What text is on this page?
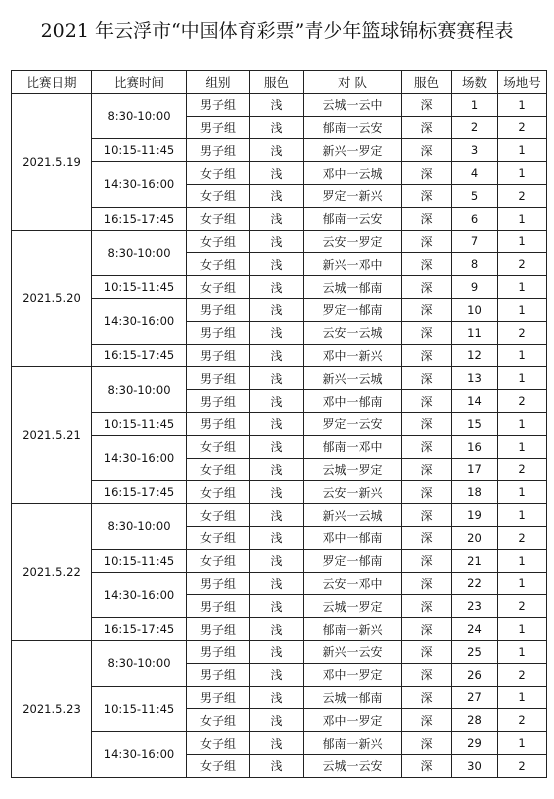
2021 年云浮市“中国体育彩票”青少年篮球锦标赛赛程表
比赛日期	比赛时间	组别	服色	对 队	服色	场数	场地号
2021.5.19	8:30-10:00	男子组	浅	云城一云中	深	1	1
		男子组	浅	郁南一云安	深	2	2
	10:15-11:45	男子组	浅	新兴一罗定	深	3	1
	14:30-16:00	女子组	浅	邓中一云城	深	4	1
		女子组	浅	罗定一新兴	深	5	2
	16:15-17:45	女子组	浅	郁南一云安	深	6	1
2021.5.20	8:30-10:00	女子组	浅	云安一罗定	深	7	1
		女子组	浅	新兴一邓中	深	8	2
	10:15-11:45	女子组	浅	云城一郁南	深	9	1
	14:30-16:00	男子组	浅	罗定一郁南	深	10	1
		男子组	浅	云安一云城	深	11	2
	16:15-17:45	男子组	浅	邓中一新兴	深	12	1
2021.5.21	8:30-10:00	男子组	浅	新兴一云城	深	13	1
		男子组	浅	邓中一郁南	深	14	2
	10:15-11:45	男子组	浅	罗定一云安	深	15	1
	14:30-16:00	女子组	浅	郁南一邓中	深	16	1
		女子组	浅	云城一罗定	深	17	2
	16:15-17:45	女子组	浅	云安一新兴	深	18	1
2021.5.22	8:30-10:00	女子组	浅	新兴一云城	深	19	1
		女子组	浅	邓中一郁南	深	20	2
	10:15-11:45	女子组	浅	罗定一郁南	深	21	1
	14:30-16:00	男子组	浅	云安一邓中	深	22	1
		男子组	浅	云城一罗定	深	23	2
	16:15-17:45	男子组	浅	郁南一新兴	深	24	1
2021.5.23	8:30-10:00	男子组	浅	新兴一云安	深	25	1
		男子组	浅	邓中一罗定	深	26	2
	10:15-11:45	男子组	浅	云城一郁南	深	27	1
		女子组	浅	邓中一罗定	深	28	2
	14:30-16:00	女子组	浅	郁南一新兴	深	29	1
		女子组	浅	云城一云安	深	30	2
